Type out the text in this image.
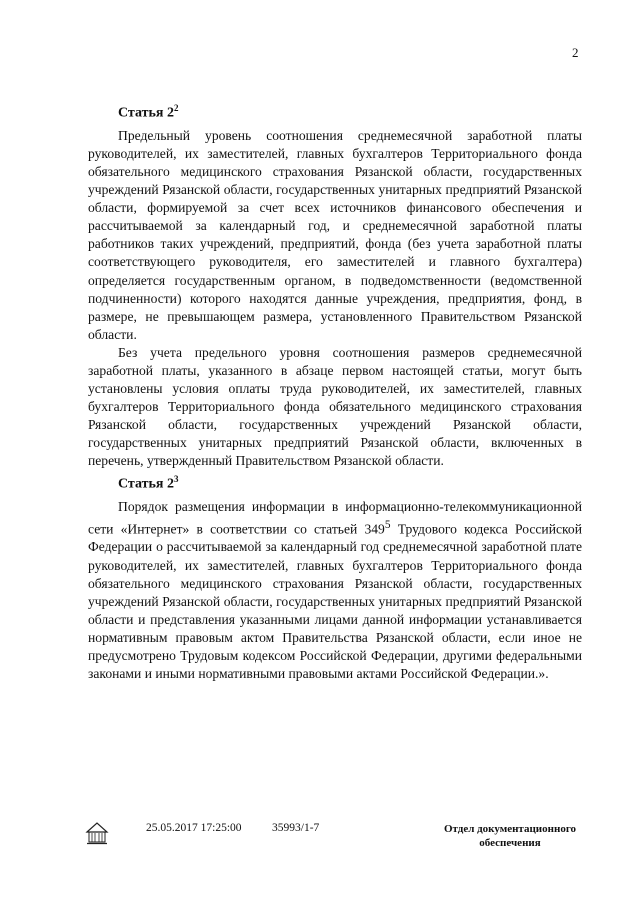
2
Статья $2^2$

Предельный уровень соотношения среднемесячной заработной платы руководителей, их заместителей, главных бухгалтеров Территориального фонда обязательного медицинского страхования Рязанской области, государственных учреждений Рязанской области, государственных унитарных предприятий Рязанской области, формируемой за счет всех источников финансового обеспечения и рассчитываемой за календарный год, и среднемесячной заработной платы работников таких учреждений, предприятий, фонда (без учета заработной платы соответствующего руководителя, его заместителей и главного бухгалтера) определяется государственным органом, в подведомственности (ведомственной подчиненности) которого находятся данные учреждения, предприятия, фонд, в размере, не превышающем размера, установленного Правительством Рязанской области.

Без учета предельного уровня соотношения размеров среднемесячной заработной платы, указанного в абзаце первом настоящей статьи, могут быть установлены условия оплаты труда руководителей, их заместителей, главных бухгалтеров Территориального фонда обязательного медицинского страхования Рязанской области, государственных учреждений Рязанской области, государственных унитарных предприятий Рязанской области, включенных в перечень, утвержденный Правительством Рязанской области.

Статья $2^3$

Порядок размещения информации в информационно-телекоммуникационной сети «Интернет» в соответствии со статьей $349^5$ Трудового кодекса Российской Федерации о рассчитываемой за календарный год среднемесячной заработной плате руководителей, их заместителей, главных бухгалтеров Территориального фонда обязательного медицинского страхования Рязанской области, государственных учреждений Рязанской области, государственных унитарных предприятий Рязанской области и представления указанными лицами данной информации устанавливается нормативным правовым актом Правительства Рязанской области, если иное не предусмотрено Трудовым кодексом Российской Федерации, другими федеральными законами и иными нормативными правовыми актами Российской Федерации.».

25.05.2017 17:25:00	35993/1-7	Отдел документационного обеспечения
